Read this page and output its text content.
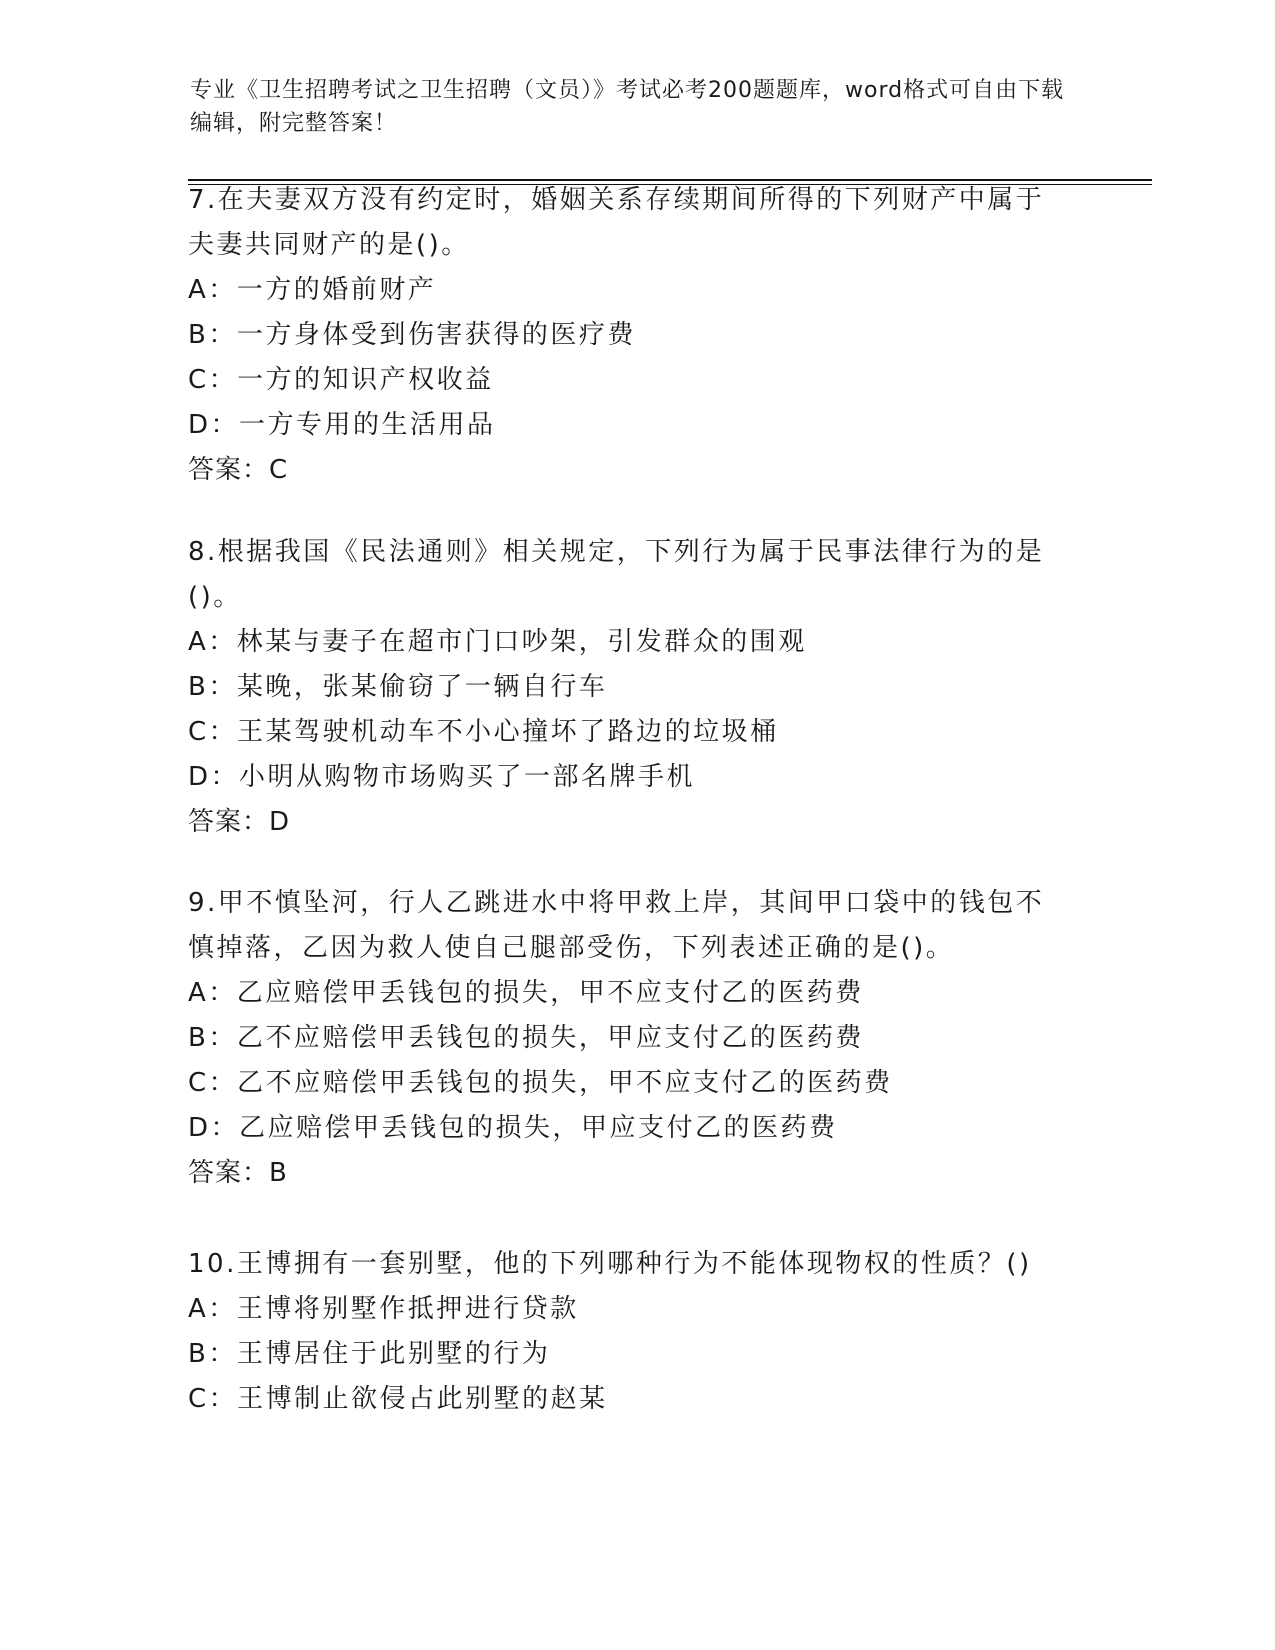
专业《卫生招聘考试之卫生招聘（文员）》考试必考200题题库，word格式可自由下载编辑，附完整答案！

7.在夫妻双方没有约定时，婚姻关系存续期间所得的下列财产中属于夫妻共同财产的是()。

A：一方的婚前财产

B：一方身体受到伤害获得的医疗费

C：一方的知识产权收益

D：一方专用的生活用品

答案：C

8.根据我国《民法通则》相关规定，下列行为属于民事法律行为的是()。

A：林某与妻子在超市门口吵架，引发群众的围观

B：某晚，张某偷窃了一辆自行车

C：王某驾驶机动车不小心撞坏了路边的垃圾桶

D：小明从购物市场购买了一部名牌手机

答案：D

9.甲不慎坠河，行人乙跳进水中将甲救上岸，其间甲口袋中的钱包不慎掉落，乙因为救人使自己腿部受伤，下列表述正确的是()。

A：乙应赔偿甲丢钱包的损失，甲不应支付乙的医药费

B：乙不应赔偿甲丢钱包的损失，甲应支付乙的医药费

C：乙不应赔偿甲丢钱包的损失，甲不应支付乙的医药费

D：乙应赔偿甲丢钱包的损失，甲应支付乙的医药费

答案：B

10.王博拥有一套别墅，他的下列哪种行为不能体现物权的性质？()

A：王博将别墅作抵押进行贷款

B：王博居住于此别墅的行为

C：王博制止欲侵占此别墅的赵某
